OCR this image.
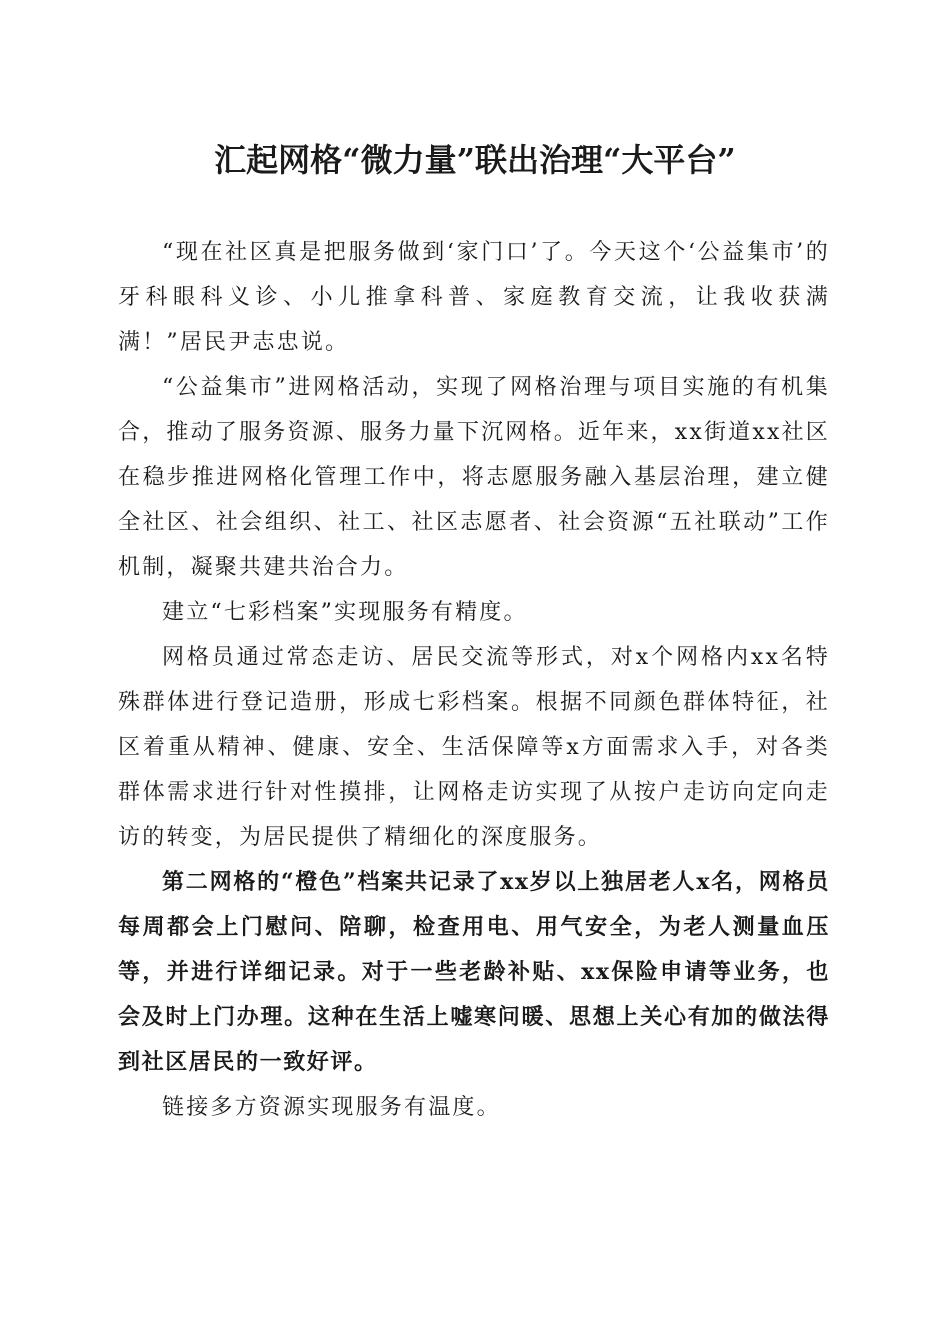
汇起网格“微力量”联出治理“大平台”

“现在社区真是把服务做到‘家门口’了。今天这个‘公益集市’的牙科眼科义诊、小儿推拿科普、家庭教育交流，让我收获满满！”居民尹志忠说。

“公益集市”进网格活动，实现了网格治理与项目实施的有机集合，推动了服务资源、服务力量下沉网格。近年来，xx街道xx社区在稳步推进网格化管理工作中，将志愿服务融入基层治理，建立健全社区、社会组织、社工、社区志愿者、社会资源“五社联动”工作机制，凝聚共建共治合力。

建立“七彩档案”实现服务有精度。

网格员通过常态走访、居民交流等形式，对x个网格内xx名特殊群体进行登记造册，形成七彩档案。根据不同颜色群体特征，社区着重从精神、健康、安全、生活保障等x方面需求入手，对各类群体需求进行针对性摸排，让网格走访实现了从按户走访向定向走访的转变，为居民提供了精细化的深度服务。

第二网格的“橙色”档案共记录了xx岁以上独居老人x名，网格员每周都会上门慰问、陪聊，检查用电、用气安全，为老人测量血压等，并进行详细记录。对于一些老龄补贴、xx保险申请等业务，也会及时上门办理。这种在生活上嘘寒问暖、思想上关心有加的做法得到社区居民的一致好评。

链接多方资源实现服务有温度。
